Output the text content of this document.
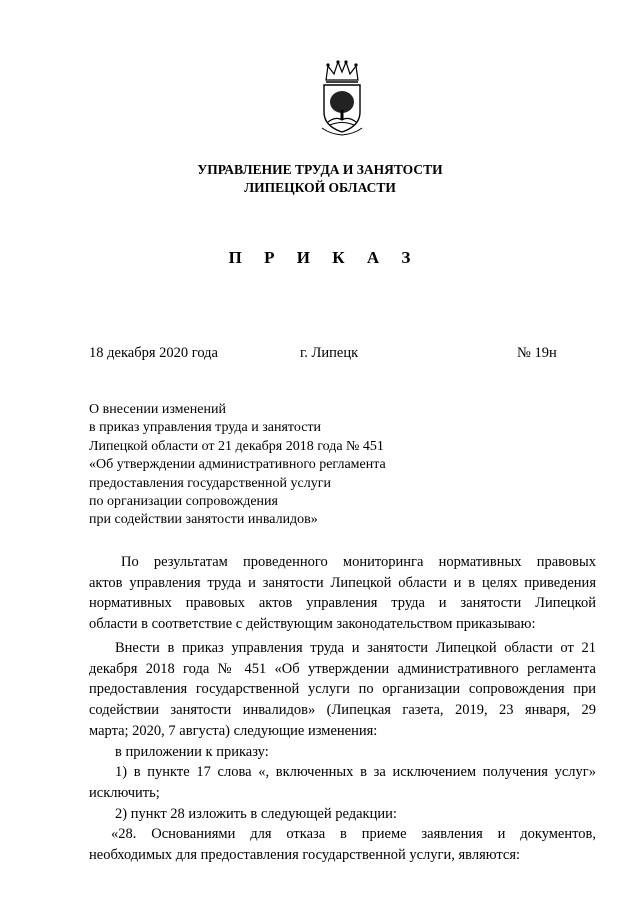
УПРАВЛЕНИЕ ТРУДА И ЗАНЯТОСТИ
ЛИПЕЦКОЙ ОБЛАСТИ
П Р И К А З
18 декабря 2020 года	г. Липецк	№ 19н
О внесении изменений
в приказ управления труда и занятости
Липецкой области от 21 декабря 2018 года № 451
«Об утверждении административного регламента
предоставления государственной услуги
по организации сопровождения
при содействии занятости инвалидов»
По результатам проведенного мониторинга нормативных правовых
актов управления труда и занятости Липецкой области и в целях приведения
нормативных правовых актов управления труда и занятости Липецкой
области в соответствие с действующим законодательством приказываю:
Внести в приказ управления труда и занятости Липецкой области от 21
декабря 2018 года № 451 «Об утверждении административного регламента
предоставления государственной услуги по организации сопровождения при
содействии занятости инвалидов» (Липецкая газета, 2019, 23 января, 29
марта; 2020, 7 августа) следующие изменения:
в приложении к приказу:
1) в пункте 17 слова «, включенных в за исключением получения услуг»
исключить;
2) пункт 28 изложить в следующей редакции:
«28. Основаниями для отказа в приеме заявления и документов,
необходимых для предоставления государственной услуги, являются:
